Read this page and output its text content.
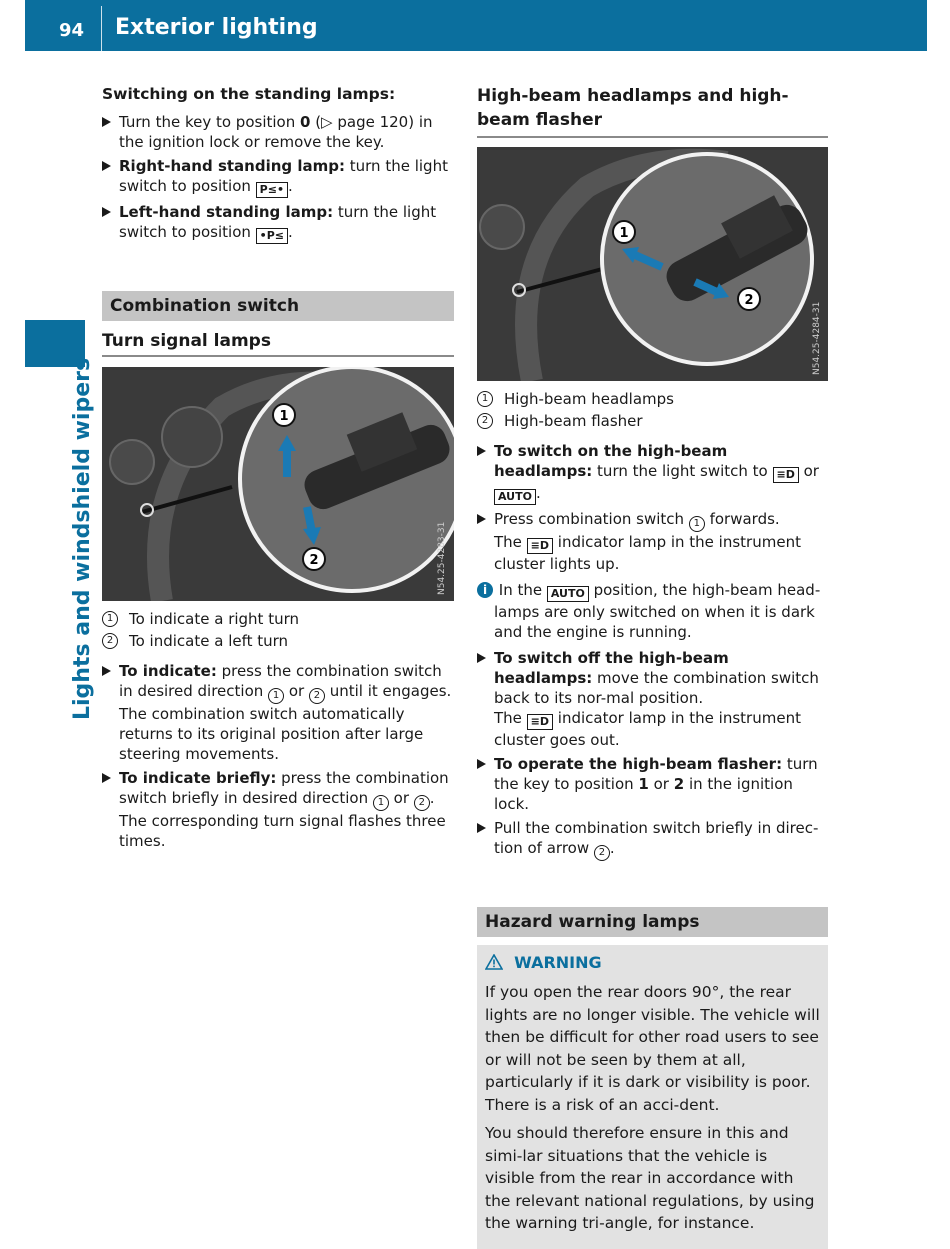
94 Exterior lighting
Lights and windshield wipers
Switching on the standing lamps:
Turn the key to position 0 (▷ page 120) in the ignition lock or remove the key.
Right-hand standing lamp: turn the light switch to position P≤• .
Left-hand standing lamp: turn the light switch to position •P≤ .
Combination switch
Turn signal lamps
1
2	N54.25-4283-31
1	To indicate a right turn
2	To indicate a left turn
To indicate: press the combination switch in desired direction 1 or 2 until it engages. The combination switch automatically returns to its original position after large steering movements.
To indicate briefly: press the combination switch briefly in desired direction 1 or 2 . The corresponding turn signal flashes three times.
High-beam headlamps and high-beam flasher
1
2
N54.25-4284-31
1	High-beam headlamps
2	High-beam flasher
To switch on the high-beam headlamps: turn the light switch to ≡D or AUTO .
Press combination switch 1 forwards.
The ≡D indicator lamp in the instrument cluster lights up.
i In the AUTO position, the high-beam head-lamps are only switched on when it is dark and the engine is running.
To switch off the high-beam headlamps: move the combination switch back to its nor-mal position.
The ≡D indicator lamp in the instrument cluster goes out.
To operate the high-beam flasher: turn the key to position 1 or 2 in the ignition lock.
Pull the combination switch briefly in direc-tion of arrow 2 .
Hazard warning lamps
WARNING

If you open the rear doors 90°, the rear lights are no longer visible. The vehicle will then be difficult for other road users to see or will not be seen by them at all, particularly if it is dark or visibility is poor. There is a risk of an acci-dent.

You should therefore ensure in this and simi-lar situations that the vehicle is visible from the rear in accordance with the relevant national regulations, by using the warning tri-angle, for instance.
